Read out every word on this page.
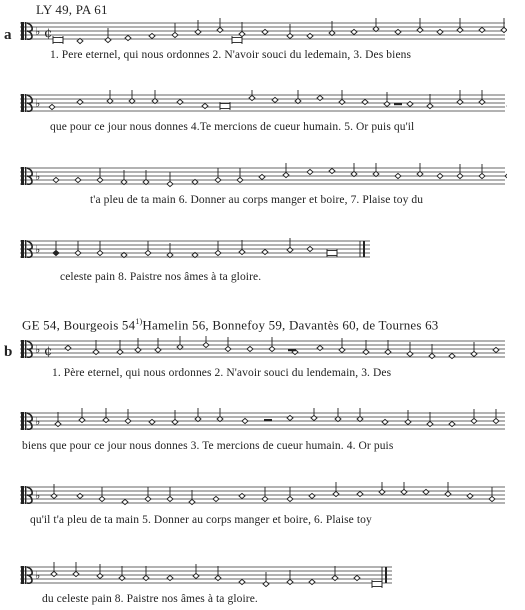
LY 49, PA 61
a ♭ ¢
1. Pere eternel, qui nous ordonnes 2. N'avoir souci du ledemain, 3. Des biens
♭
que pour ce jour nous donnes 4.Te mercions de cueur humain. 5. Or puis qu'il
♭
t'a pleu de ta main 6. Donner au corps manger et boire, 7. Plaise toy du
♭
celeste pain 8. Paistre nos âmes à ta gloire.
GE 54, Bourgeois 54$^{1)}$Hamelin 56, Bonnefoy 59, Davantès 60, de Tournes 63
b ♭ ¢
1. Père eternel, qui nous ordonnes 2. N'avoir souci du lendemain, 3. Des
♭
biens que pour ce jour nous donnes 3. Te mercions de cueur humain. 4. Or puis
♭
qu'il t'a pleu de ta main 5. Donner au corps manger et boire, 6. Plaise toy
♭
du celeste pain 8. Paistre nos âmes à ta gloire.
